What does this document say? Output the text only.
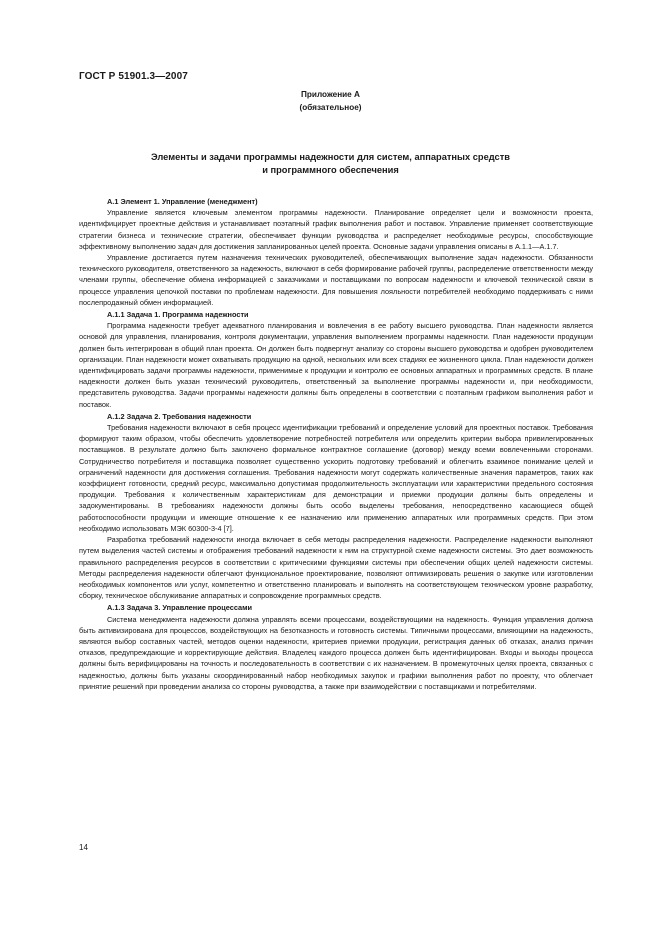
ГОСТ Р 51901.3—2007
Приложение А
(обязательное)
Элементы и задачи программы надежности для систем, аппаратных средств
и программного обеспечения
А.1 Элемент 1. Управление (менеджмент)

Управление является ключевым элементом программы надежности. Планирование определяет цели и возможности проекта, идентифицирует проектные действия и устанавливает поэтапный график выполнения работ и поставок. Управление применяет соответствующие стратегии бизнеса и технические стратегии, обеспечивает функции руководства и распределяет необходимые ресурсы, способствующие эффективному выполнению задач для достижения запланированных целей проекта. Основные задачи управления описаны в А.1.1—А.1.7.

Управление достигается путем назначения технических руководителей, обеспечивающих выполнение задач надежности. Обязанности технического руководителя, ответственного за надежность, включают в себя формирование рабочей группы, распределение ответственности между членами группы, обеспечение обмена информацией с заказчиками и поставщиками по вопросам надежности и ключевой технической связи в процессе управления цепочкой поставки по проблемам надежности. Для повышения лояльности потребителей необходимо поддерживать с ними послепродажный обмен информацией.

А.1.1 Задача 1. Программа надежности

Программа надежности требует адекватного планирования и вовлечения в ее работу высшего руководства. План надежности является основой для управления, планирования, контроля документации, управления выполнением программы надежности. План надежности продукции должен быть интегрирован в общий план проекта. Он должен быть подвергнут анализу со стороны высшего руководства и одобрен руководителем организации. План надежности может охватывать продукцию на одной, нескольких или всех стадиях ее жизненного цикла. План надежности должен идентифицировать задачи программы надежности, применимые к продукции и контролю ее основных аппаратных и программных средств. В плане надежности должен быть указан технический руководитель, ответственный за выполнение программы надежности и, при необходимости, представитель руководства. Задачи программы надежности должны быть определены в соответствии с поэтапным графиком выполнения работ и поставок.

А.1.2 Задача 2. Требования надежности

Требования надежности включают в себя процесс идентификации требований и определение условий для проектных поставок. Требования формируют таким образом, чтобы обеспечить удовлетворение потребностей потребителя или определить критерии выбора привилегированных поставщиков. В результате должно быть заключено формальное контрактное соглашение (договор) между всеми вовлеченными сторонами. Сотрудничество потребителя и поставщика позволяет существенно ускорить подготовку требований и облегчить взаимное понимание целей и ограничений надежности для достижения соглашения. Требования надежности могут содержать количественные значения параметров, таких как коэффициент готовности, средний ресурс, максимально допустимая продолжительность эксплуатации или характеристики предельного состояния продукции. Требования к количественным характеристикам для демонстрации и приемки продукции должны быть определены и задокументированы. В требованиях надежности должны быть особо выделены требования, непосредственно касающиеся общей работоспособности продукции и имеющие отношение к ее назначению или применению аппаратных или программных средств. При этом необходимо использовать МЭК 60300-3-4 [7].

Разработка требований надежности иногда включает в себя методы распределения надежности. Распределение надежности выполняют путем выделения частей системы и отображения требований надежности к ним на структурной схеме надежности системы. Это дает возможность правильного распределения ресурсов в соответствии с критическими функциями системы при обеспечении общих целей надежности системы. Методы распределения надежности облегчают функциональное проектирование, позволяют оптимизировать решения о закупке или изготовлении необходимых компонентов или услуг, компетентно и ответственно планировать и выполнять на соответствующем техническом уровне разработку, сборку, техническое обслуживание аппаратных и сопровождение программных средств.

А.1.3 Задача 3. Управление процессами

Система менеджмента надежности должна управлять всеми процессами, воздействующими на надежность. Функция управления должна быть активизирована для процессов, воздействующих на безотказность и готовность системы. Типичными процессами, влияющими на надежность, являются выбор составных частей, методов оценки надежности, критериев приемки продукции, регистрация данных об отказах, анализ причин отказов, предупреждающие и корректирующие действия. Владелец каждого процесса должен быть идентифицирован. Входы и выходы процесса должны быть верифицированы на точность и последовательность в соответствии с их назначением. В промежуточных целях проекта, связанных с надежностью, должны быть указаны скоординированный набор необходимых закупок и графики выполнения работ по проекту, что облегчает принятие решений при проведении анализа со стороны руководства, а также при взаимодействии с поставщиками и потребителями.

14
